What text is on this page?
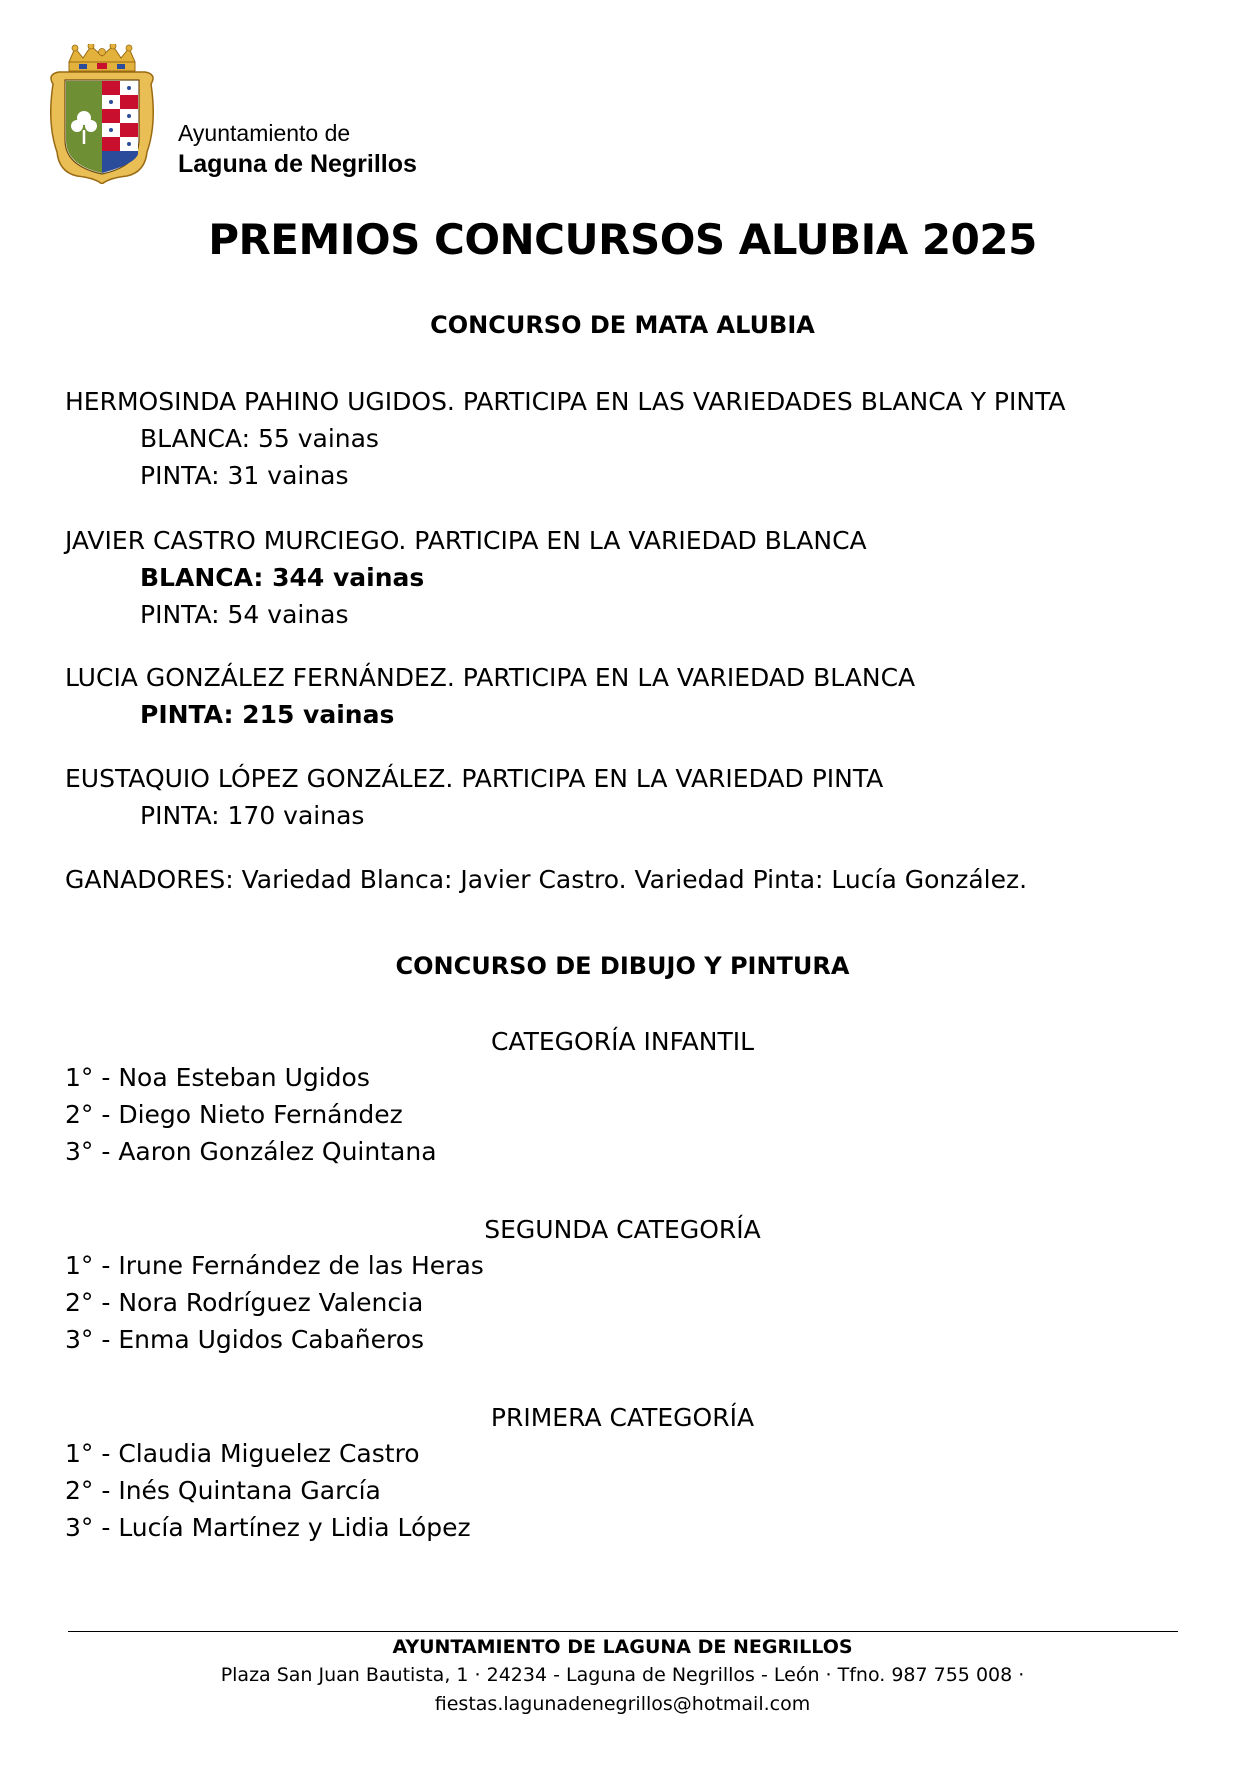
Ayuntamiento de
Laguna de Negrillos
PREMIOS CONCURSOS ALUBIA 2025
CONCURSO DE MATA ALUBIA
HERMOSINDA PAHINO UGIDOS. PARTICIPA EN LAS VARIEDADES BLANCA Y PINTA
BLANCA: 55 vainas
PINTA: 31 vainas
JAVIER CASTRO MURCIEGO. PARTICIPA EN LA VARIEDAD BLANCA
BLANCA: 344 vainas
PINTA: 54 vainas
LUCIA GONZÁLEZ FERNÁNDEZ. PARTICIPA EN LA VARIEDAD BLANCA
PINTA: 215 vainas
EUSTAQUIO LÓPEZ GONZÁLEZ. PARTICIPA EN LA VARIEDAD PINTA
PINTA: 170 vainas
GANADORES: Variedad Blanca: Javier Castro. Variedad Pinta: Lucía González.
CONCURSO DE DIBUJO Y PINTURA
CATEGORÍA INFANTIL
1° - Noa Esteban Ugidos
2° - Diego Nieto Fernández
3° - Aaron González Quintana
SEGUNDA CATEGORÍA
1° - Irune Fernández de las Heras
2° - Nora Rodríguez Valencia
3° - Enma Ugidos Cabañeros
PRIMERA CATEGORÍA
1° - Claudia Miguelez Castro
2° - Inés Quintana García
3° - Lucía Martínez y Lidia López
AYUNTAMIENTO DE LAGUNA DE NEGRILLOS
Plaza San Juan Bautista, 1 · 24234 - Laguna de Negrillos - León · Tfno. 987 755 008 ·
fiestas.lagunadenegrillos@hotmail.com
